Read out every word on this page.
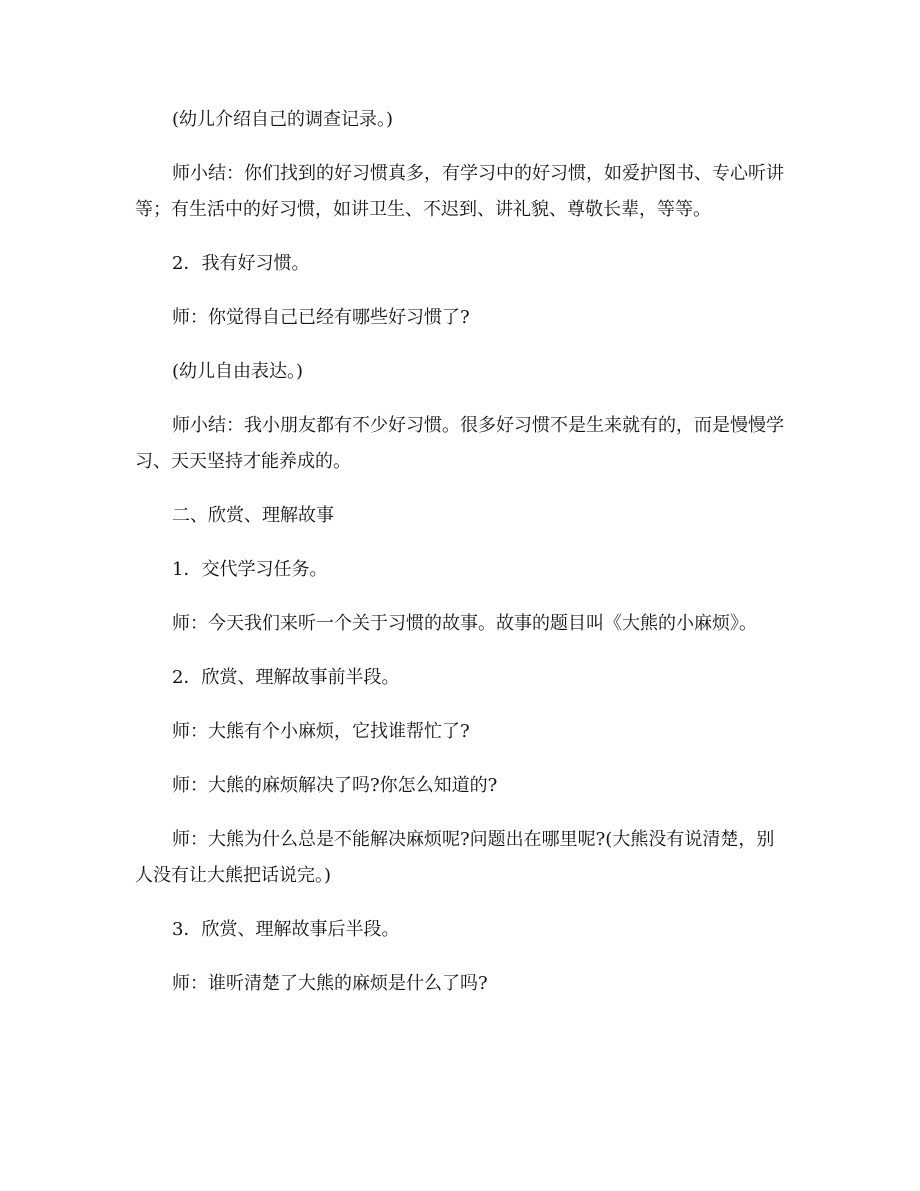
(幼儿介绍自己的调查记录。)

师小结：你们找到的好习惯真多，有学习中的好习惯，如爱护图书、专心听讲等；有生活中的好习惯，如讲卫生、不迟到、讲礼貌、尊敬长辈，等等。

2．我有好习惯。

师：你觉得自己已经有哪些好习惯了?

(幼儿自由表达。)

师小结：我小朋友都有不少好习惯。很多好习惯不是生来就有的，而是慢慢学习、天天坚持才能养成的。

二、欣赏、理解故事

1．交代学习任务。

师：今天我们来听一个关于习惯的故事。故事的题目叫《大熊的小麻烦》。

2．欣赏、理解故事前半段。

师：大熊有个小麻烦，它找谁帮忙了?

师：大熊的麻烦解决了吗?你怎么知道的?

师：大熊为什么总是不能解决麻烦呢?问题出在哪里呢?(大熊没有说清楚，别人没有让大熊把话说完。)

3．欣赏、理解故事后半段。

师：谁听清楚了大熊的麻烦是什么了吗?
